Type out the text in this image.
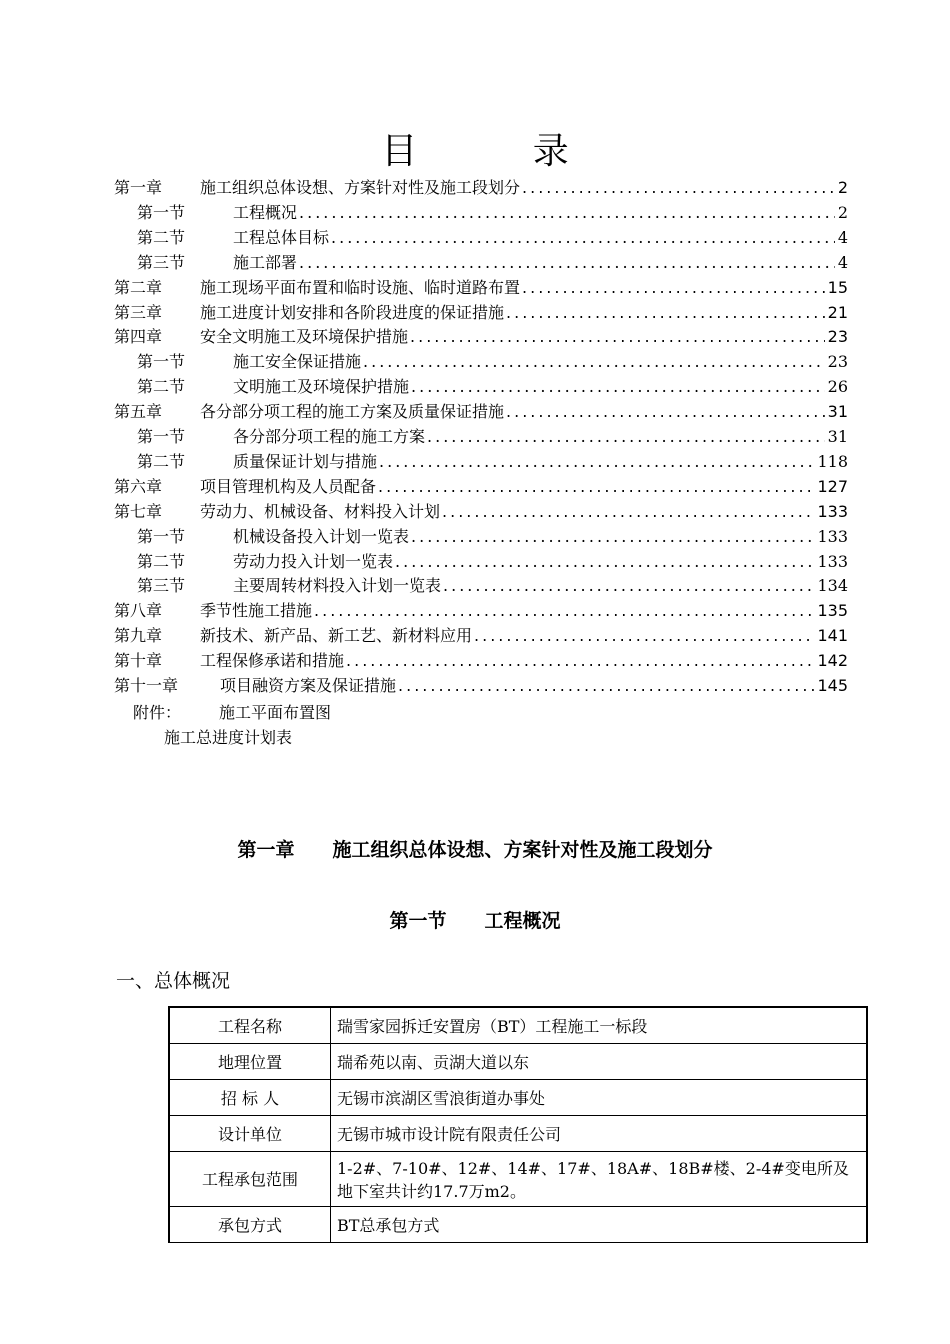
目 录
第一章	施工组织总体设想、方案针对性及施工段划分 .....	2
第一节	工程概况 .....	2
第二节	工程总体目标 .....	4
第三节	施工部署 .....	4
第二章	施工现场平面布置和临时设施、临时道路布置 .....	15
第三章	施工进度计划安排和各阶段进度的保证措施 .....	21
第四章	安全文明施工及环境保护措施 .....	23
第一节	施工安全保证措施 .....	23
第二节	文明施工及环境保护措施 .....	26
第五章	各分部分项工程的施工方案及质量保证措施 .....	31
第一节	各分部分项工程的施工方案 .....	31
第二节	质量保证计划与措施 .....	118
第六章	项目管理机构及人员配备 .....	127
第七章	劳动力、机械设备、材料投入计划 .....	133
第一节	机械设备投入计划一览表 .....	133
第二节	劳动力投入计划一览表 .....	133
第三节	主要周转材料投入计划一览表 .....	134
第八章	季节性施工措施 .....	135
第九章	新技术、新产品、新工艺、新材料应用 .....	141
第十章	工程保修承诺和措施 .....	142
第十一章	项目融资方案及保证措施 .....	145
附件： 施工平面布置图
施工总进度计划表
第一章　　施工组织总体设想、方案针对性及施工段划分
第一节　　工程概况
一、总体概况
工程名称	瑞雪家园拆迁安置房（BT）工程施工一标段
地理位置	瑞希苑以南、贡湖大道以东
招 标 人	无锡市滨湖区雪浪街道办事处
设计单位	无锡市城市设计院有限责任公司
工程承包范围	1-2#、7-10#、12#、14#、17#、18A#、18B#楼、2-4#变电所及地下室共计约17.7万m2。
承包方式	BT总承包方式
